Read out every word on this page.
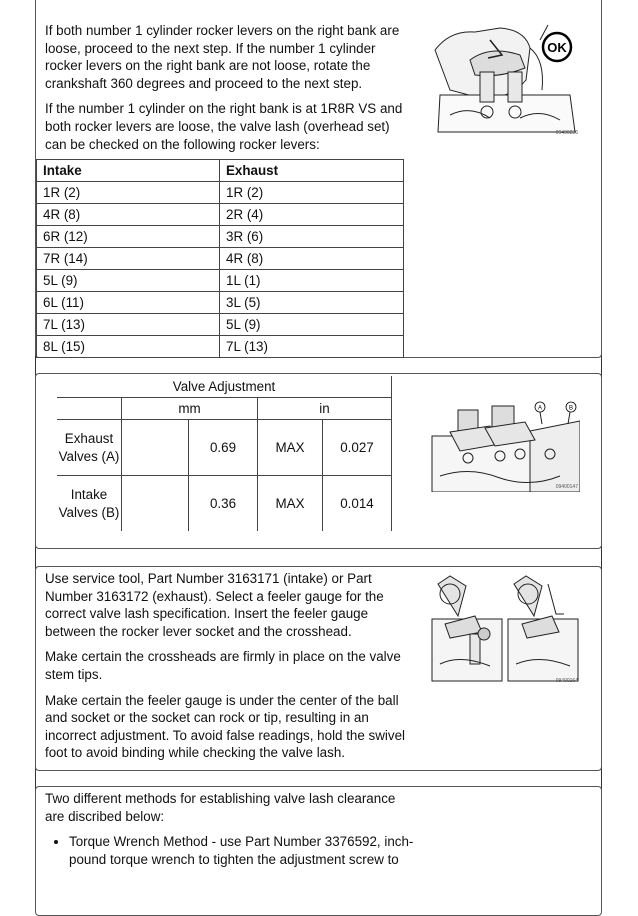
If both number 1 cylinder rocker levers on the right bank are loose, proceed to the next step. If the number 1 cylinder rocker levers on the right bank are not loose, rotate the crankshaft 360 degrees and proceed to the next step.

If the number 1 cylinder on the right bank is at 1R8R VS and both rocker levers are loose, the valve lash (overhead set) can be checked on the following rocker levers:

Intake	Exhaust
1R (2)	1R (2)
4R (8)	2R (4)
6R (12)	3R (6)
7R (14)	4R (8)
5L (9)	1L (1)
6L (11)	3L (5)
7L (13)	5L (9)
8L (15)	7L (13)
OK
09400236
Valve Adjustment				
	mm		in	
Exhaust Valves (A)		0.69	MAX	0.027
Intake Valves (B)		0.36	MAX	0.014
A	B
09400147

Use service tool, Part Number 3163171 (intake) or Part Number 3163172 (exhaust). Select a feeler gauge for the correct valve lash specification. Insert the feeler gauge between the rocker lever socket and the crosshead.

Make certain the crossheads are firmly in place on the valve stem tips.

Make certain the feeler gauge is under the center of the ball and socket or the socket can rock or tip, resulting in an incorrect adjustment. To avoid false readings, hold the swivel foot to avoid binding while checking the valve lash.

09400164

Two different methods for establishing valve lash clearance are discribed below:

• Torque Wrench Method - use Part Number 3376592, inch-pound torque wrench to tighten the adjustment screw to
